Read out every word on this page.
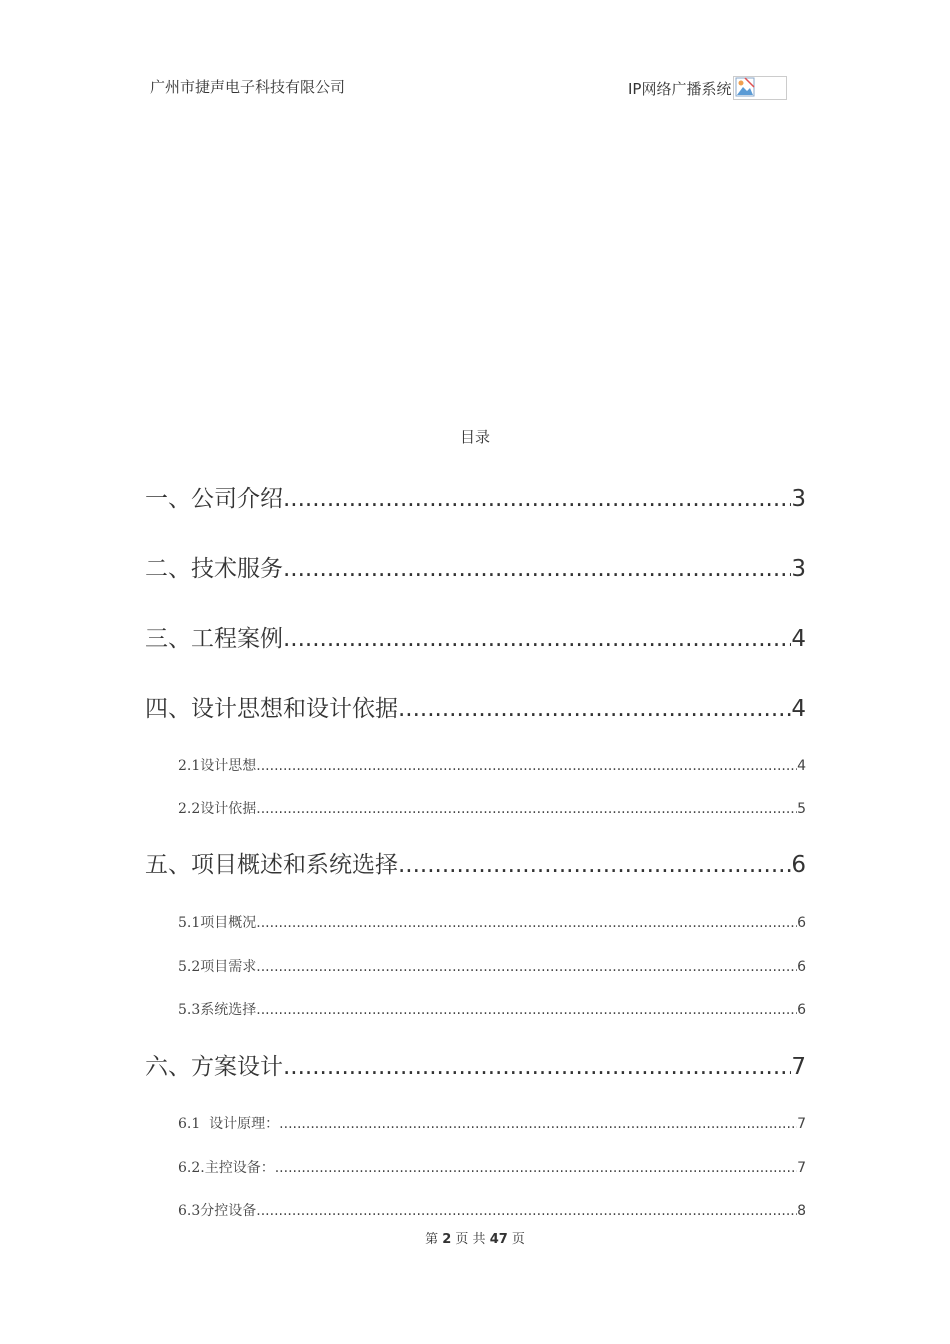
广州市捷声电子科技有限公司	IP网络广播系统
目录
一、 公司介绍 .....	3
二、 技术服务 .....	3
三、 工程案例 .....	4
四、 设计思想和设计依据 .....	4
2.1设计思想 .....	4
2.2设计依据 .....	5
五、 项目概述和系统选择 .....	6
5.1项目概况 .....	6
5.2项目需求 .....	6
5.3系统选择 .....	6
六、 方案设计 .....	7
6.1  设计原理： .....	7
6.2.主控设备： .....	7
6.3分控设备 .....	8
第 2 页 共 47 页
